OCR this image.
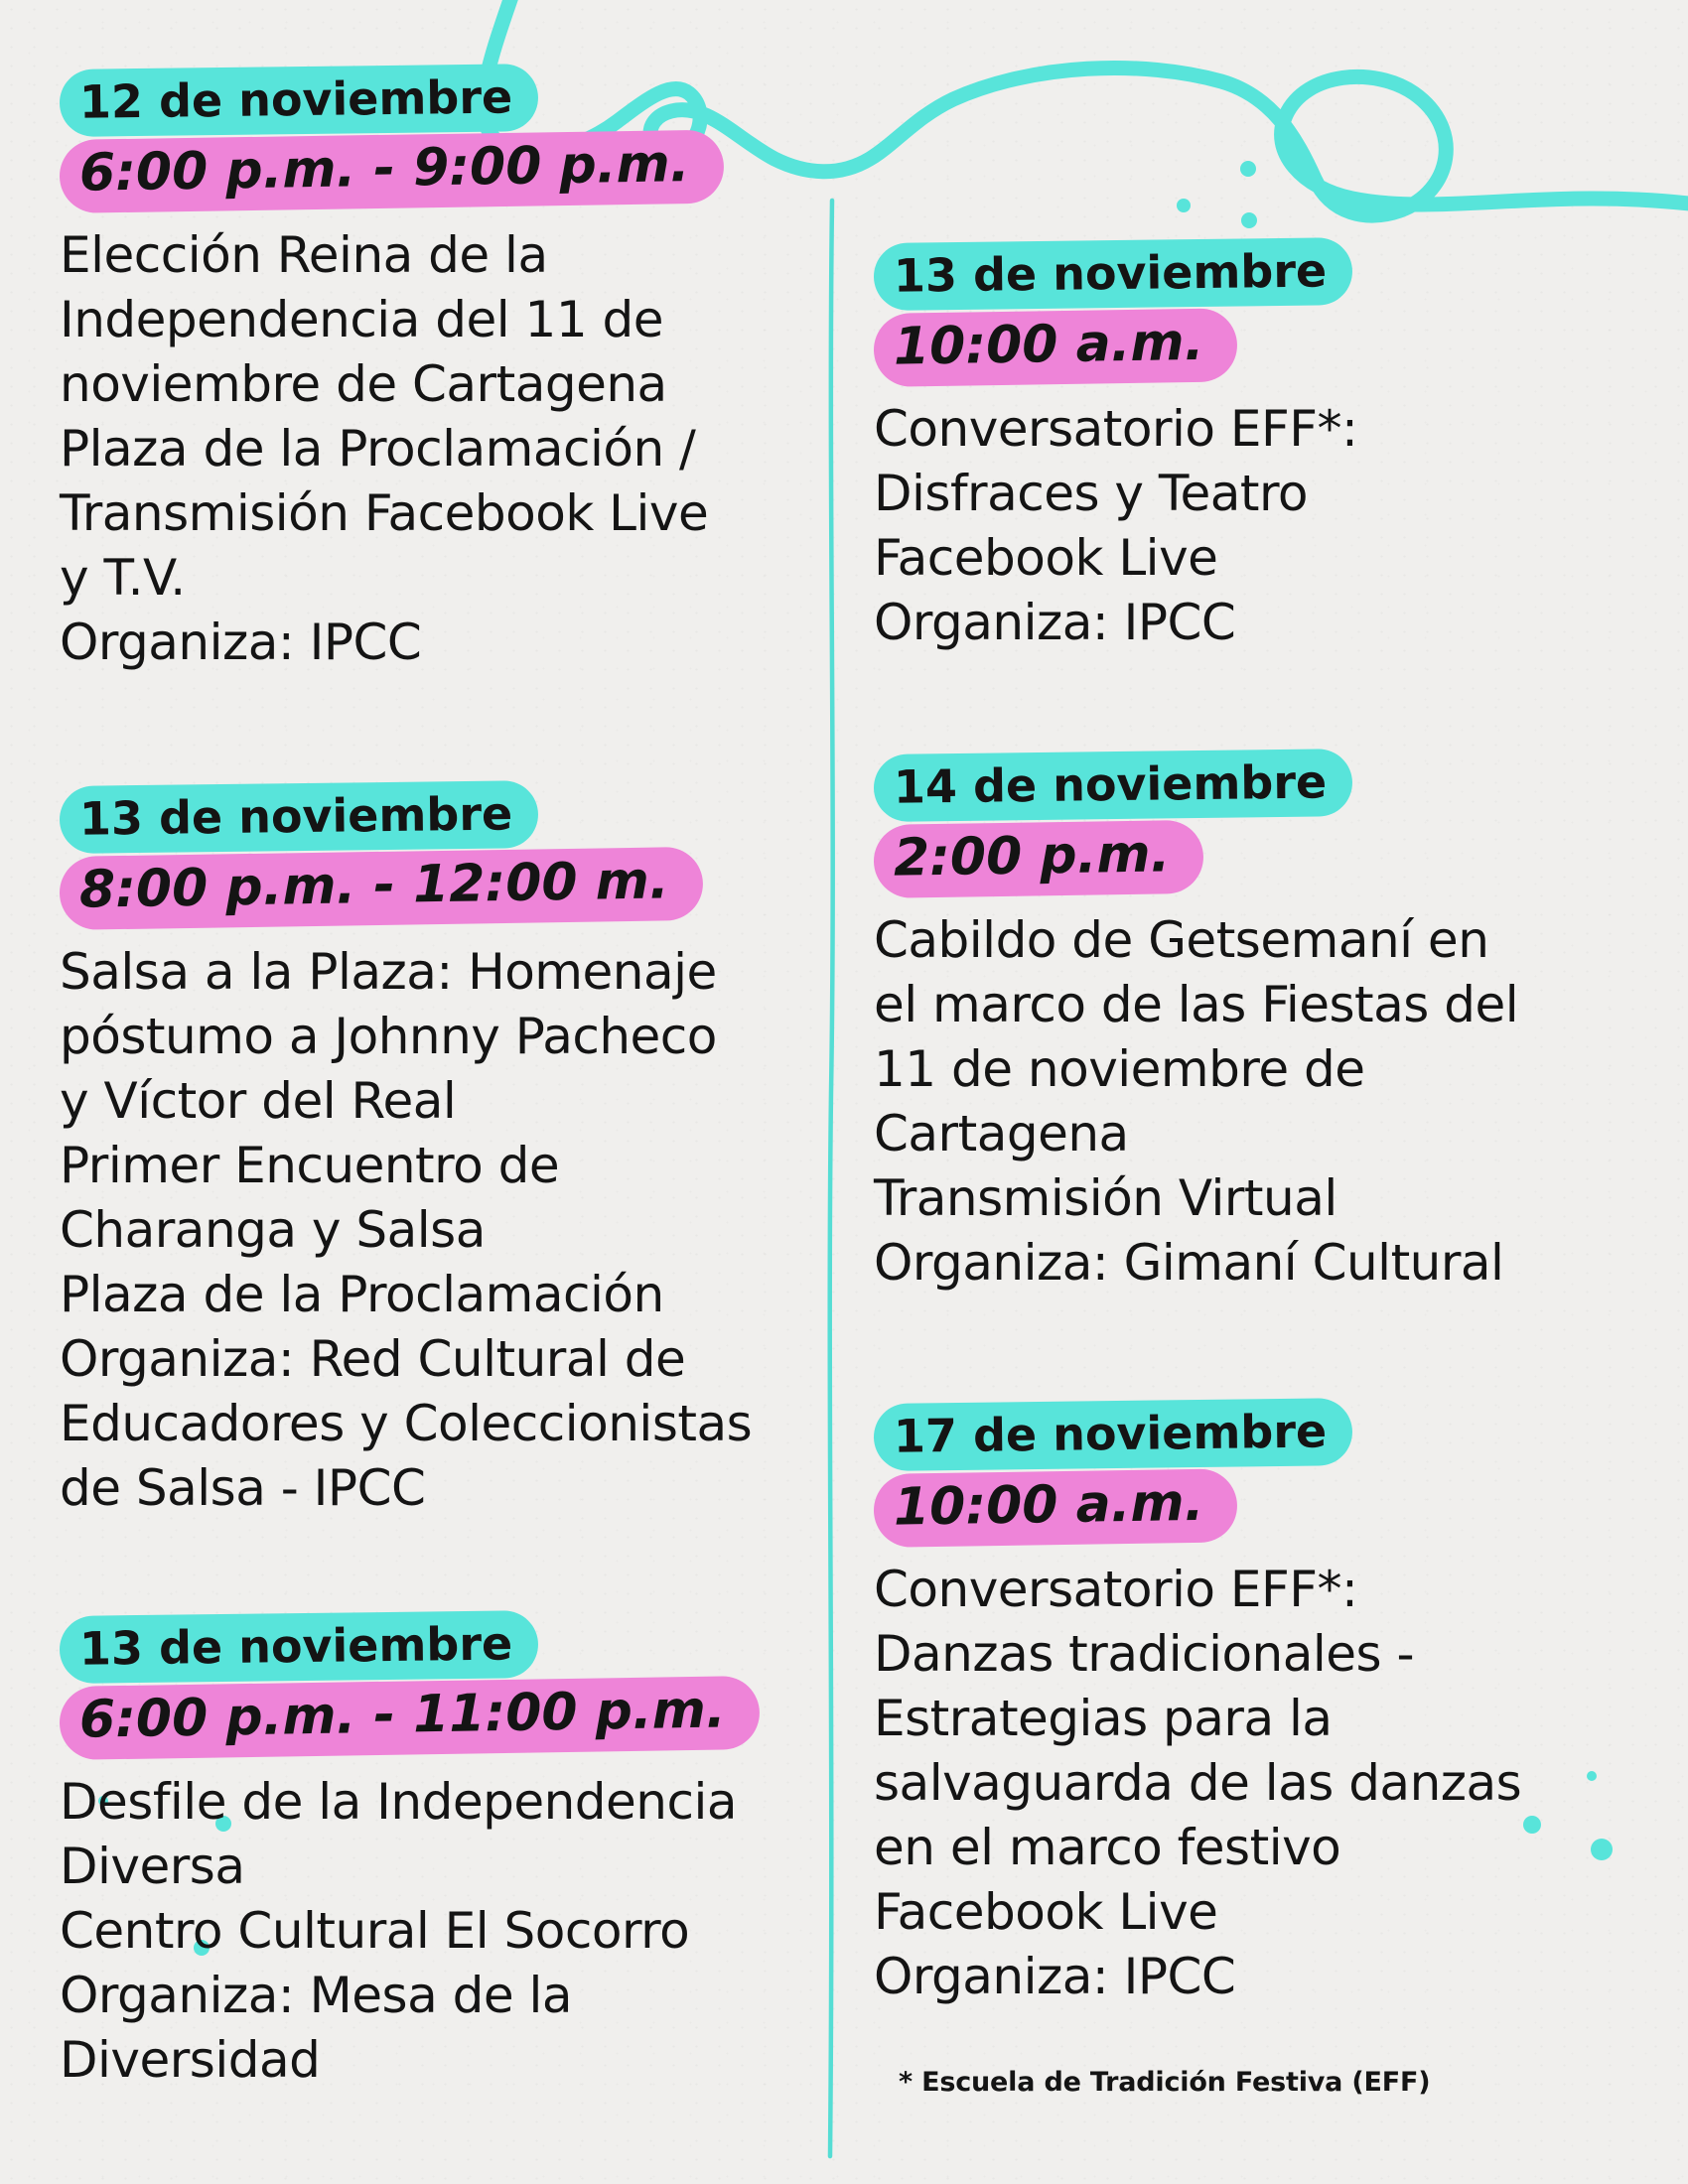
12 de noviembre
6:00 p.m. - 9:00 p.m.
Elección Reina de la
Independencia del 11 de
noviembre de Cartagena
Plaza de la Proclamación /
Transmisión Facebook Live
y T.V.
Organiza: IPCC
13 de noviembre
8:00 p.m. - 12:00 m.
Salsa a la Plaza: Homenaje
póstumo a Johnny Pacheco
y Víctor del Real
Primer Encuentro de
Charanga y Salsa
Plaza de la Proclamación
Organiza: Red Cultural de
Educadores y Coleccionistas
de Salsa - IPCC
13 de noviembre
6:00 p.m. - 11:00 p.m.
Desfile de la Independencia
Diversa
Centro Cultural El Socorro
Organiza: Mesa de la
Diversidad
13 de noviembre
10:00 a.m.
Conversatorio EFF*:
Disfraces y Teatro
Facebook Live
Organiza: IPCC
14 de noviembre
2:00 p.m.
Cabildo de Getsemaní en
el marco de las Fiestas del
11 de noviembre de
Cartagena
Transmisión Virtual
Organiza: Gimaní Cultural
17 de noviembre
10:00 a.m.
Conversatorio EFF*:
Danzas tradicionales -
Estrategias para la
salvaguarda de las danzas
en el marco festivo
Facebook Live
Organiza: IPCC
* Escuela de Tradición Festiva (EFF)
